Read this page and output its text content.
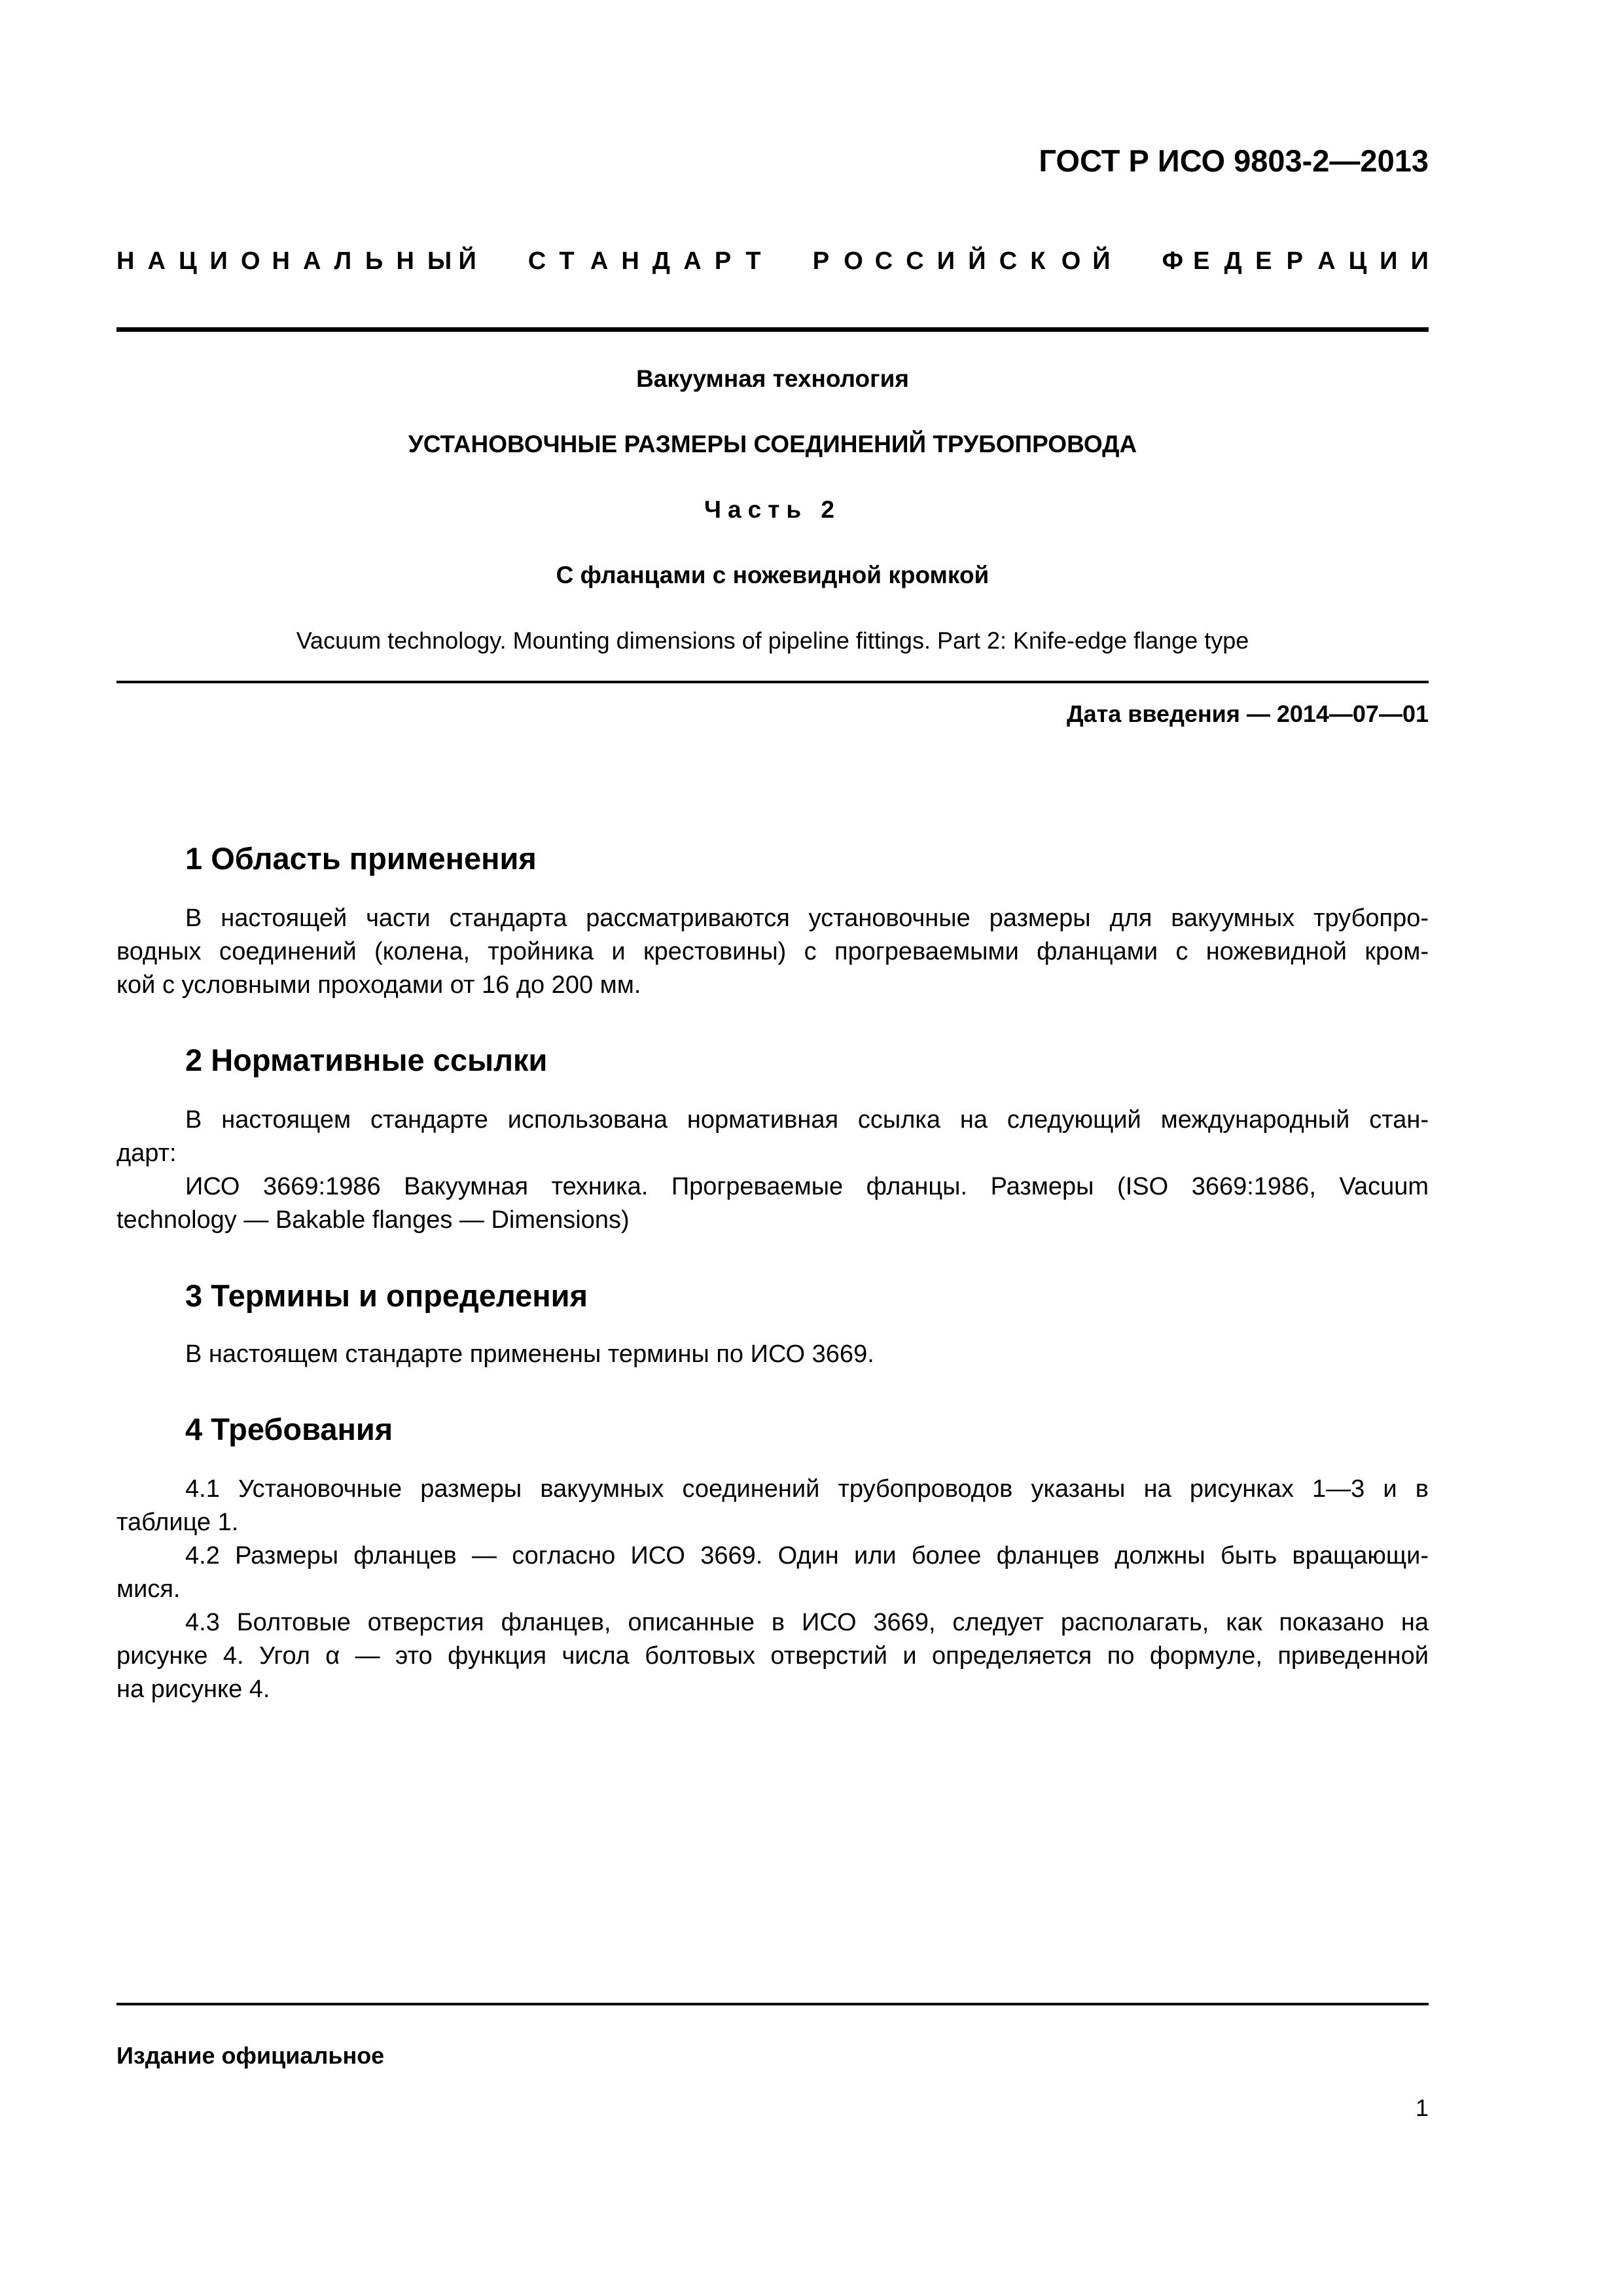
ГОСТ Р ИСО 9803-2—2013
Н А Ц И О Н А Л Ь Н Ы Й С Т А Н Д А Р Т Р О С С И Й С К О Й Ф Е Д Е Р А Ц И И
Вакуумная технология
УСТАНОВОЧНЫЕ РАЗМЕРЫ СОЕДИНЕНИЙ ТРУБОПРОВОДА
Часть 2
С фланцами с ножевидной кромкой
Vacuum technology. Mounting dimensions of pipeline fittings. Part 2: Knife-edge flange type
Дата введения — 2014—07—01
1 Область применения
В настоящей части стандарта рассматриваются установочные размеры для вакуумных трубопро-
водных соединений (колена, тройника и крестовины) с прогреваемыми фланцами с ножевидной кром-
кой с условными проходами от 16 до 200 мм.
2 Нормативные ссылки
В настоящем стандарте использована нормативная ссылка на следующий международный стан-
дарт:
ИСО 3669:1986 Вакуумная техника. Прогреваемые фланцы. Размеры (ISO 3669:1986, Vacuum
technology — Bakable flanges — Dimensions)
3 Термины и определения
В настоящем стандарте применены термины по ИСО 3669.
4 Требования
4.1 Установочные размеры вакуумных соединений трубопроводов указаны на рисунках 1—3 и в
таблице 1.
4.2 Размеры фланцев — согласно ИСО 3669. Один или более фланцев должны быть вращающи-
мися.
4.3 Болтовые отверстия фланцев, описанные в ИСО 3669, следует располагать, как показано на
рисунке 4. Угол α — это функция числа болтовых отверстий и определяется по формуле, приведенной
на рисунке 4.
Издание официальное
1
